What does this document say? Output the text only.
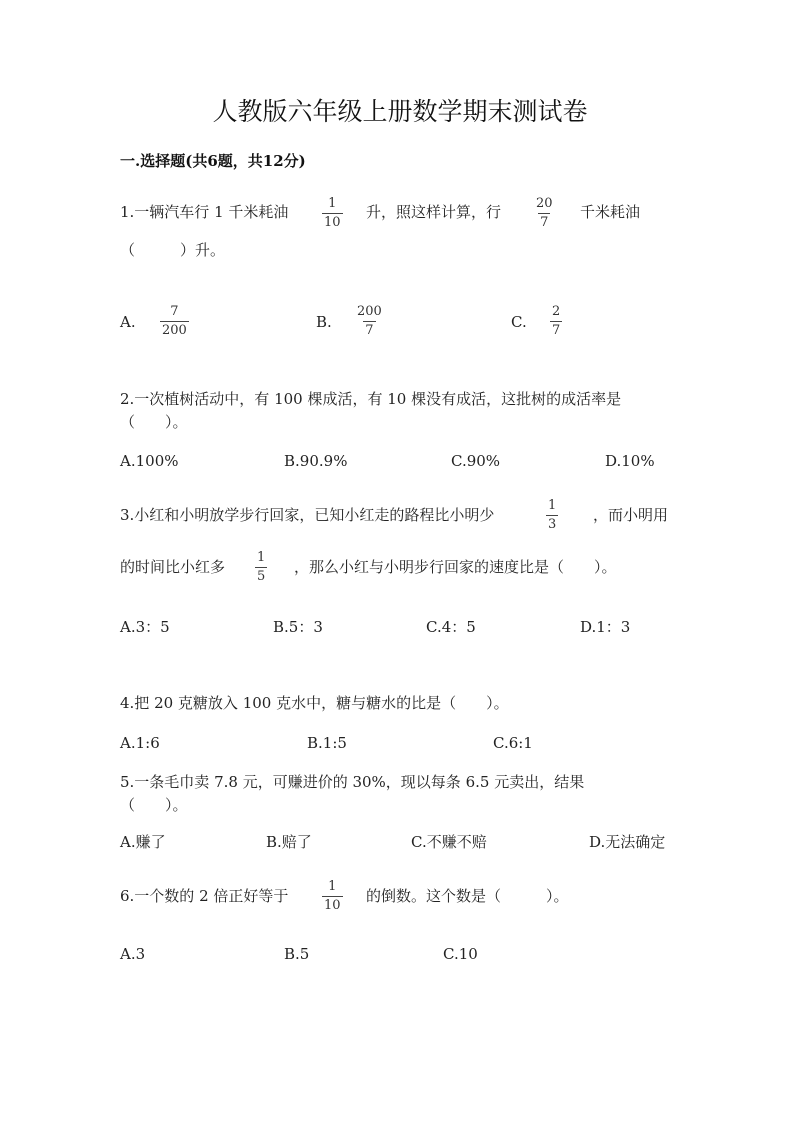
人教版六年级上册数学期末测试卷
一.选择题(共6题，共12分)
1.一辆汽车行 1 千米耗油	$\frac{1}{10}$ 升，照这样计算，行	$\frac{20}{7}$ 千米耗油
（　　　）升。
A. $\frac{7}{200}$	B. $\frac{200}{7}$	C. $\frac{2}{7}$
2.一次植树活动中，有 100 棵成活，有 10 棵没有成活，这批树的成活率是
（　　）。
A.100%	B.90.9%	C.90%	D.10%
3.小红和小明放学步行回家，已知小红走的路程比小明少	$\frac{1}{3}$ ，而小明用
的时间比小红多 $\frac{1}{5}$ ，那么小红与小明步行回家的速度比是（　　）。
A.3：5	B.5：3	C.4：5	D.1：3
4.把 20 克糖放入 100 克水中，糖与糖水的比是（　　）。
A.1:6	B.1:5	C.6:1
5.一条毛巾卖 7.8 元，可赚进价的 30%，现以每条 6.5 元卖出，结果
（　　）。
A.赚了	B.赔了	C.不赚不赔	D.无法确定
6.一个数的 2 倍正好等于	$\frac{1}{10}$ 的倒数。这个数是（　　　）。
A.3	B.5	C.10
